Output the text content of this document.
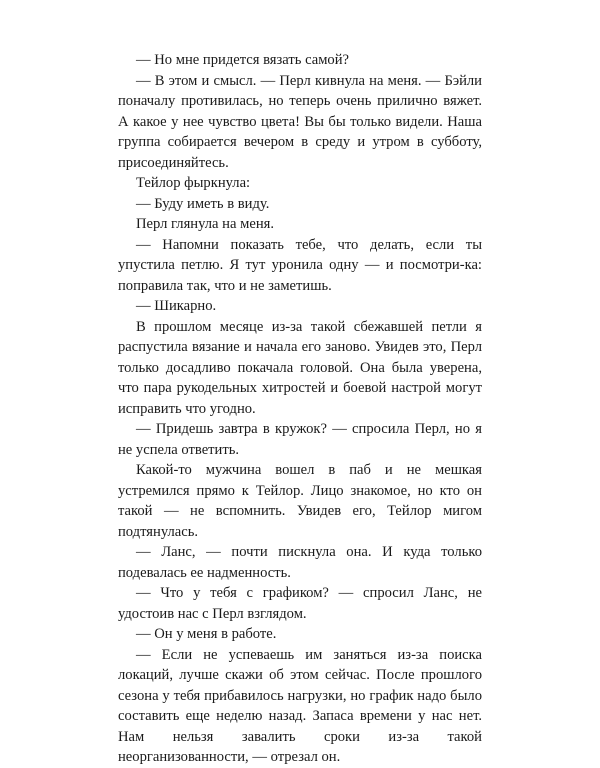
— Но мне придется вязать самой?

— В этом и смысл. — Перл кивнула на меня. — Бэйли поначалу противилась, но теперь очень прилично вяжет. А какое у нее чувство цвета! Вы бы только видели. Наша группа собирается вечером в среду и утром в субботу, присоединяйтесь.

Тейлор фыркнула:

— Буду иметь в виду.

Перл глянула на меня.

— Напомни показать тебе, что делать, если ты упустила петлю. Я тут уронила одну — и посмотри-ка: поправила так, что и не заметишь.

— Шикарно.

В прошлом месяце из-за такой сбежавшей петли я распустила вязание и начала его заново. Увидев это, Перл только досадливо покачала головой. Она была уверена, что пара рукодельных хитростей и боевой настрой могут исправить что угодно.

— Придешь завтра в кружок? — спросила Перл, но я не успела ответить.

Какой-то мужчина вошел в паб и не мешкая устремился прямо к Тейлор. Лицо знакомое, но кто он такой — не вспомнить. Увидев его, Тейлор мигом подтянулась.

— Ланс, — почти пискнула она. И куда только подевалась ее надменность.

— Что у тебя с графиком? — спросил Ланс, не удостоив нас с Перл взглядом.

— Он у меня в работе.

— Если не успеваешь им заняться из-за поиска локаций, лучше скажи об этом сейчас. После прошлого сезона у тебя прибавилось нагрузки, но график надо было составить еще неделю назад. Запаса времени у нас нет. Нам нельзя завалить сроки из-за такой неорганизованности, — отрезал он.
